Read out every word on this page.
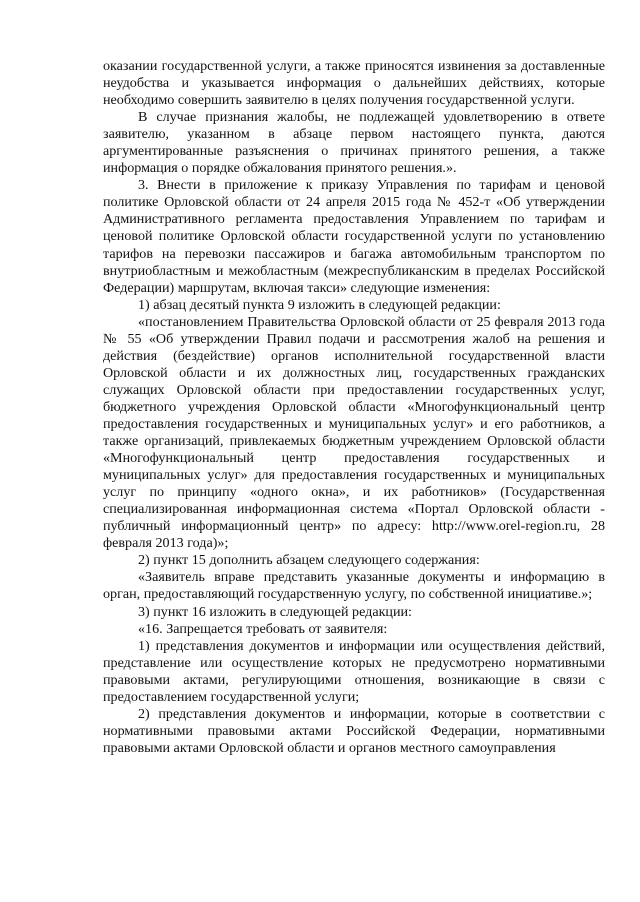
оказании государственной услуги, а также приносятся извинения за доставленные неудобства и указывается информация о дальнейших действиях, которые необходимо совершить заявителю в целях получения государственной услуги.

В случае признания жалобы, не подлежащей удовлетворению в ответе заявителю, указанном в абзаце первом настоящего пункта, даются аргументированные разъяснения о причинах принятого решения, а также информация о порядке обжалования принятого решения.».

3. Внести в приложение к приказу Управления по тарифам и ценовой политике Орловской области от 24 апреля 2015 года № 452-т «Об утверждении Административного регламента предоставления Управлением по тарифам и ценовой политике Орловской области государственной услуги по установлению тарифов на перевозки пассажиров и багажа автомобильным транспортом по внутриобластным и межобластным (межреспубликанским в пределах Российской Федерации) маршрутам, включая такси» следующие изменения:

1) абзац десятый пункта 9 изложить в следующей редакции:

«постановлением Правительства Орловской области от 25 февраля 2013 года № 55 «Об утверждении Правил подачи и рассмотрения жалоб на решения и действия (бездействие) органов исполнительной государственной власти Орловской области и их должностных лиц, государственных гражданских служащих Орловской области при предоставлении государственных услуг, бюджетного учреждения Орловской области «Многофункциональный центр предоставления государственных и муниципальных услуг» и его работников, а также организаций, привлекаемых бюджетным учреждением Орловской области «Многофункциональный центр предоставления государственных и муниципальных услуг» для предоставления государственных и муниципальных услуг по принципу «одного окна», и их работников» (Государственная специализированная информационная система «Портал Орловской области - публичный информационный центр» по адресу: http://www.orel-region.ru, 28 февраля 2013 года)»;

2) пункт 15 дополнить абзацем следующего содержания:

«Заявитель вправе представить указанные документы и информацию в орган, предоставляющий государственную услугу, по собственной инициативе.»;

3) пункт 16 изложить в следующей редакции:

«16. Запрещается требовать от заявителя:

1) представления документов и информации или осуществления действий, представление или осуществление которых не предусмотрено нормативными правовыми актами, регулирующими отношения, возникающие в связи с предоставлением государственной услуги;

2) представления документов и информации, которые в соответствии с нормативными правовыми актами Российской Федерации, нормативными правовыми актами Орловской области и органов местного самоуправления
